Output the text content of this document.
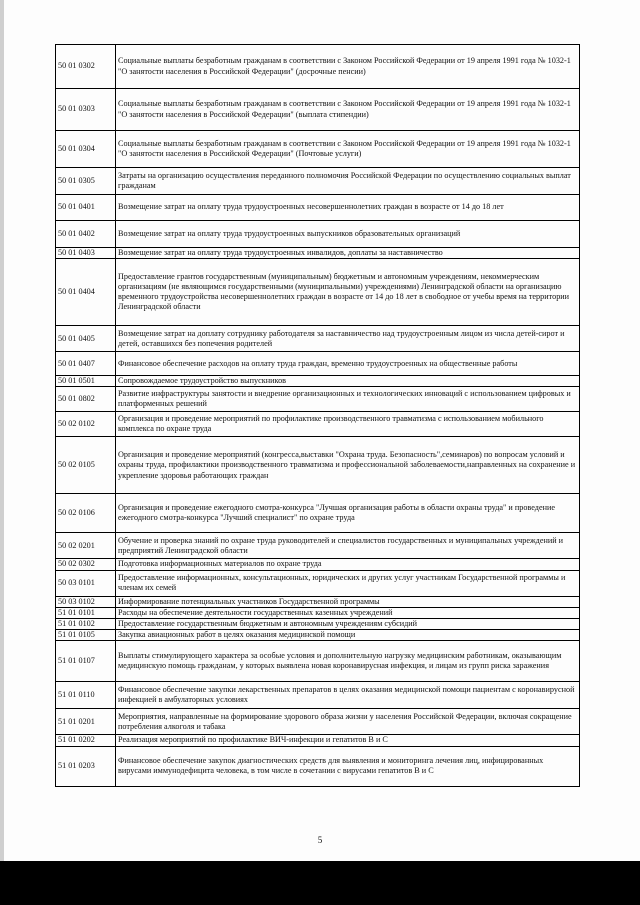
50 01 0302	Социальные выплаты безработным гражданам в соответствии с Законом Российской Федерации от 19 апреля 1991 года № 1032-1 "О занятости населения в Российской Федерации" (досрочные пенсии)
50 01 0303	Социальные выплаты безработным гражданам в соответствии с Законом Российской Федерации от 19 апреля 1991 года № 1032-1 "О занятости населения в Российской Федерации" (выплата стипендии)
50 01 0304	Социальные выплаты безработным гражданам в соответствии с Законом Российской Федерации от 19 апреля 1991 года № 1032-1 "О занятости населения в Российской Федерации" (Почтовые услуги)
50 01 0305	Затраты на организацию осуществления переданного полномочия Российской Федерации по осуществлению социальных выплат гражданам
50 01 0401	Возмещение затрат на оплату труда трудоустроенных несовершеннолетних граждан в возрасте от 14 до 18 лет
50 01 0402	Возмещение затрат на оплату труда трудоустроенных выпускников образовательных организаций
50 01 0403	Возмещение затрат на оплату труда трудоустроенных инвалидов, доплаты за наставничество
50 01 0404	Предоставление грантов государственным (муниципальным) бюджетным и автономным учреждениям, некоммерческим организациям (не являющимся государственными (муниципальными) учреждениями) Ленинградской области на организацию временного трудоустройства несовершеннолетних граждан в возрасте от 14 до 18 лет в свободное от учебы время на территории Ленинградской области
50 01 0405	Возмещение затрат на доплату сотруднику работодателя за наставничество над трудоустроенным лицом из числа детей-сирот и детей, оставшихся без попечения родителей
50 01 0407	Финансовое обеспечение расходов на оплату труда граждан, временно трудоустроенных на общественные работы
50 01 0501	Сопровождаемое трудоустройство выпускников
50 01 0802	Развитие инфраструктуры занятости и внедрение организационных и технологических инноваций с использованием цифровых и платформенных решений
50 02 0102	Организация и проведение мероприятий по профилактике производственного травматизма с использованием мобильного комплекса по охране труда
50 02 0105	Организация и проведение мероприятий (конгресса,выставки "Охрана труда. Безопасность",семинаров) по вопросам условий и охраны труда, профилактики производственного травматизма и профессиональной заболеваемости,направленных на сохранение и укрепление здоровья работающих граждан
50 02 0106	Организация и проведение ежегодного смотра-конкурса "Лучшая организация работы в области охраны труда" и проведение ежегодного смотра-конкурса "Лучший специалист" по охране труда
50 02 0201	Обучение и проверка знаний по охране труда руководителей и специалистов государственных и муниципальных учреждений и предприятий Ленинградской области
50 02 0302	Подготовка информационных материалов по охране труда
50 03 0101	Предоставление информационных, консультационных, юридических и других услуг участникам Государственной программы и членам их семей
50 03 0102	Информирование потенциальных участников Государственной программы
51 01 0101	Расходы на обеспечение деятельности государственных казенных учреждений
51 01 0102	Предоставление государственным бюджетным и автономным учреждениям субсидий
51 01 0105	Закупка авиационных работ в целях оказания медицинской помощи
51 01 0107	Выплаты стимулирующего характера за особые условия и дополнительную нагрузку медицинским работникам, оказывающим медицинскую помощь гражданам, у которых выявлена новая коронавирусная инфекция, и лицам из групп риска заражения
51 01 0110	Финансовое обеспечение закупки лекарственных препаратов в целях оказания медицинской помощи пациентам с коронавирусной инфекцией в амбулаторных условиях
51 01 0201	Мероприятия, направленные на формирование здорового образа жизни у населения Российской Федерации, включая сокращение потребления алкоголя и табака
51 01 0202	Реализация мероприятий по профилактике ВИЧ-инфекции и гепатитов В и С
51 01 0203	Финансовое обеспечение закупок диагностических средств для выявления и мониторинга лечения лиц, инфицированных вирусами иммунодефицита человека, в том числе в сочетании с вирусами гепатитов В и С
5
